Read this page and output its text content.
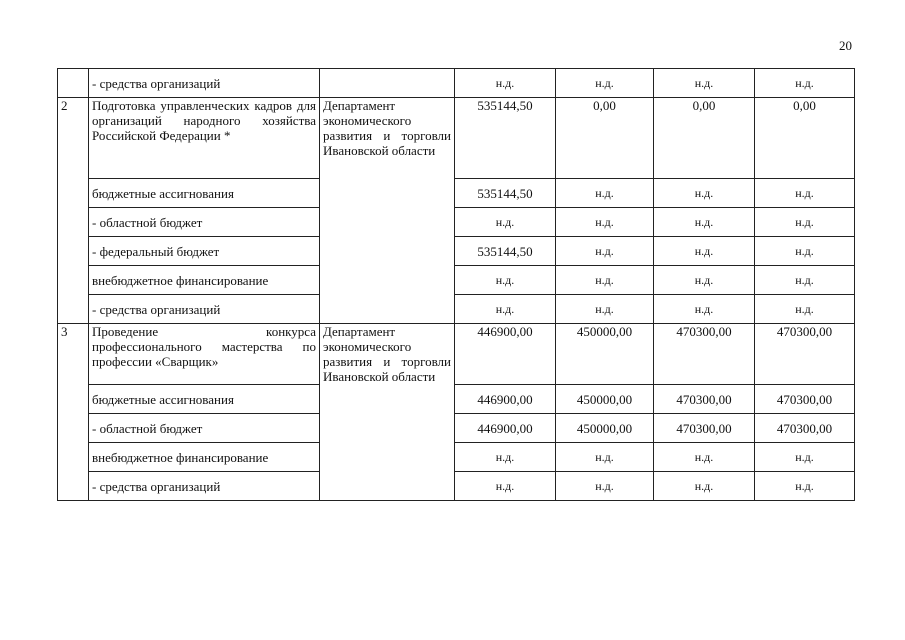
20
	- средства организаций		н.д.	н.д.	н.д.	н.д.
2	Подготовка управленческих кадров для организаций народного хозяйства Российской Федерации *	Департамент экономического развития и торговли Ивановской области	535144,50	0,00	0,00	0,00
	бюджетные ассигнования		535144,50	н.д.	н.д.	н.д.
	- областной бюджет		н.д.	н.д.	н.д.	н.д.
	- федеральный бюджет		535144,50	н.д.	н.д.	н.д.
	внебюджетное финансирование		н.д.	н.д.	н.д.	н.д.
	- средства организаций		н.д.	н.д.	н.д.	н.д.
3	Проведение конкурса профессионального мастерства по профессии «Сварщик»	Департамент экономического развития и торговли Ивановской области	446900,00	450000,00	470300,00	470300,00
	бюджетные ассигнования		446900,00	450000,00	470300,00	470300,00
	- областной бюджет		446900,00	450000,00	470300,00	470300,00
	внебюджетное финансирование		н.д.	н.д.	н.д.	н.д.
	- средства организаций		н.д.	н.д.	н.д.	н.д.
